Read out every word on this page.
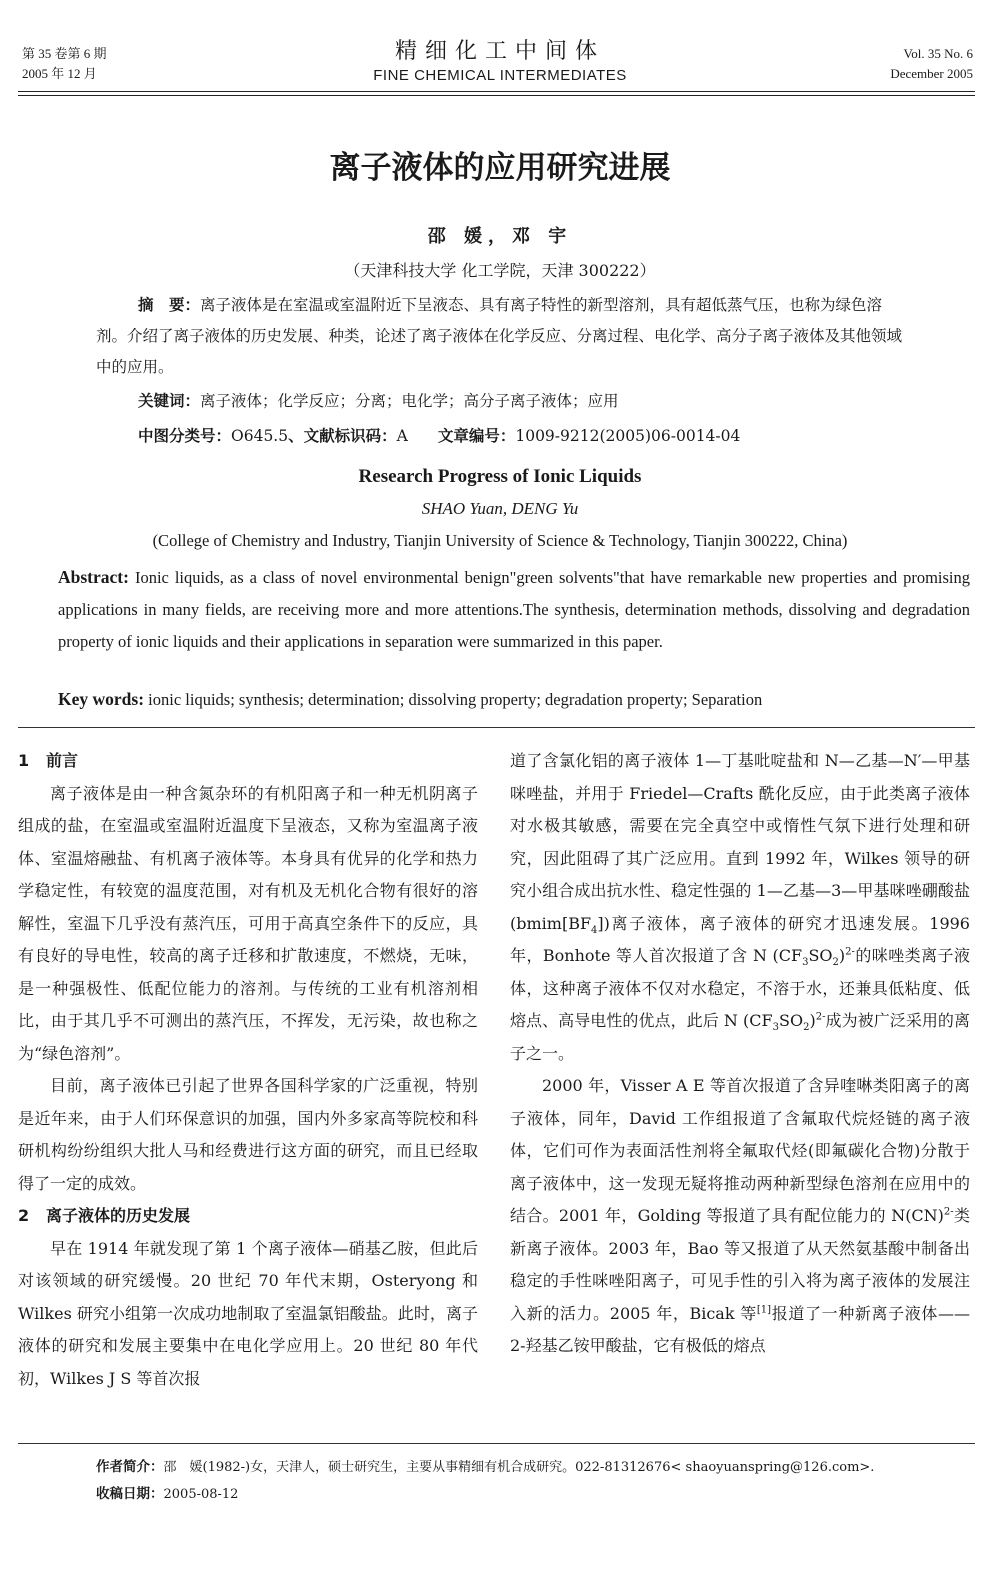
第 35 卷第 6 期
2005 年 12 月
精细化工中间体
FINE CHEMICAL INTERMEDIATES
Vol. 35 No. 6
December 2005
离子液体的应用研究进展
邵 媛，邓 宇
（天津科技大学 化工学院，天津 300222）
摘　要：离子液体是在室温或室温附近下呈液态、具有离子特性的新型溶剂，具有超低蒸气压，也称为绿色溶剂。介绍了离子液体的历史发展、种类，论述了离子液体在化学反应、分离过程、电化学、高分子离子液体及其他领域中的应用。
关键词：离子液体；化学反应；分离；电化学；高分子离子液体；应用
中图分类号：O645.5、文献标识码：A 文章编号：1009-9212(2005)06-0014-04
Research Progress of Ionic Liquids
SHAO Yuan, DENG Yu
(College of Chemistry and Industry, Tianjin University of Science & Technology, Tianjin 300222, China)
Abstract: Ionic liquids, as a class of novel environmental benign"green solvents"that have remarkable new properties and promising applications in many fields, are receiving more and more attentions.The synthesis, determination methods, dissolving and degradation property of ionic liquids and their applications in separation were summarized in this paper.
Key words: ionic liquids; synthesis; determination; dissolving property; degradation property; Separation

1 前言

离子液体是由一种含氮杂环的有机阳离子和一种无机阴离子组成的盐，在室温或室温附近温度下呈液态，又称为室温离子液体、室温熔融盐、有机离子液体等。本身具有优异的化学和热力学稳定性，有较宽的温度范围，对有机及无机化合物有很好的溶解性，室温下几乎没有蒸汽压，可用于高真空条件下的反应，具有良好的导电性，较高的离子迁移和扩散速度，不燃烧，无味，是一种强极性、低配位能力的溶剂。与传统的工业有机溶剂相比，由于其几乎不可测出的蒸汽压，不挥发，无污染，故也称之为“绿色溶剂”。

目前，离子液体已引起了世界各国科学家的广泛重视，特别是近年来，由于人们环保意识的加强，国内外多家高等院校和科研机构纷纷组织大批人马和经费进行这方面的研究，而且已经取得了一定的成效。

2 离子液体的历史发展

早在 1914 年就发现了第 1 个离子液体—硝基乙胺，但此后对该领域的研究缓慢。20 世纪 70 年代末期，Osteryong 和 Wilkes 研究小组第一次成功地制取了室温氯铝酸盐。此时，离子液体的研究和发展主要集中在电化学应用上。20 世纪 80 年代初，Wilkes J S 等首次报

道了含氯化铝的离子液体 1—丁基吡啶盐和 N—乙基—N′—甲基咪唑盐，并用于 Friedel—Crafts 酰化反应，由于此类离子液体对水极其敏感，需要在完全真空中或惰性气氛下进行处理和研究，因此阻碍了其广泛应用。直到 1992 年，Wilkes 领导的研究小组合成出抗水性、稳定性强的 1—乙基—3—甲基咪唑硼酸盐$(bmim[BF_4])$离子液体，离子液体的研究才迅速发展。1996 年，Bonhote 等人首次报道了含 N $(CF_3SO_2)^{2-}$的咪唑类离子液体，这种离子液体不仅对水稳定，不溶于水，还兼具低粘度、低熔点、高导电性的优点，此后 N $(CF_3SO_2)^{2-}$成为被广泛采用的离子之一。

2000 年，Visser A E 等首次报道了含异喹啉类阳离子的离子液体，同年，David 工作组报道了含氟取代烷烃链的离子液体，它们可作为表面活性剂将全氟取代烃(即氟碳化合物)分散于离子液体中，这一发现无疑将推动两种新型绿色溶剂在应用中的结合。2001 年，Golding 等报道了具有配位能力的 N(CN)$^{2-}$类新离子液体。2003 年，Bao 等又报道了从天然氨基酸中制备出稳定的手性咪唑阳离子，可见手性的引入将为离子液体的发展注入新的活力。2005 年，Bicak 等[1]报道了一种新离子液体——2-羟基乙铵甲酸盐，它有极低的熔点

作者简介：邵　媛(1982-)女，天津人，硕士研究生，主要从事精细有机合成研究。022-81312676< shaoyuanspring@126.com>.
收稿日期：2005-08-12
